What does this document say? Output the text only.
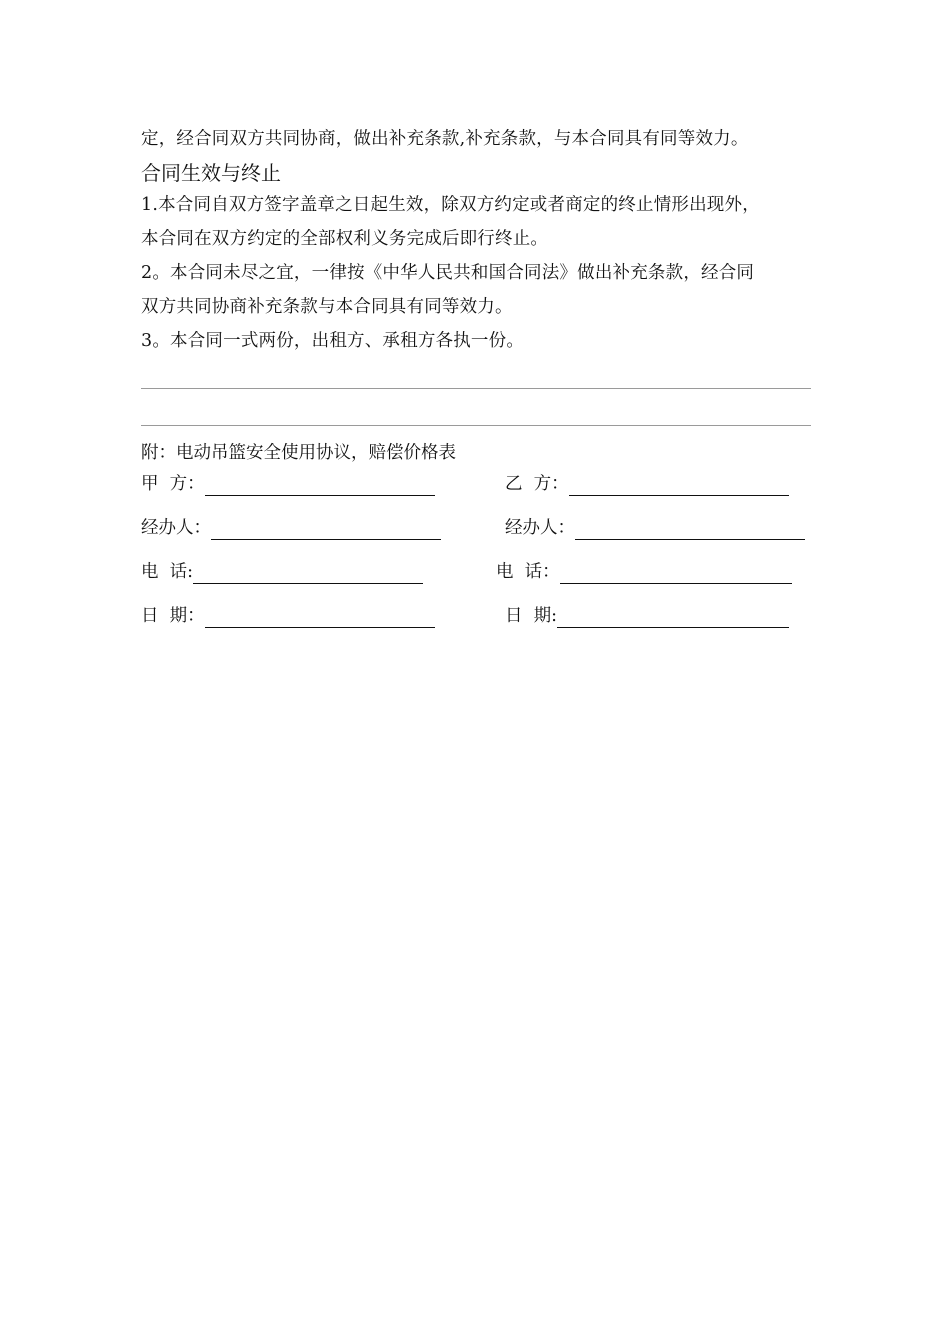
定，经合同双方共同协商，做出补充条款,补充条款，与本合同具有同等效力。

合同生效与终止

1.本合同自双方签字盖章之日起生效，除双方约定或者商定的终止情形出现外，

本合同在双方约定的全部权利义务完成后即行终止。

2。本合同未尽之宜，一律按《中华人民共和国合同法》做出补充条款，经合同

双方共同协商补充条款与本合同具有同等效力。

3。本合同一式两份，出租方、承租方各执一份。

附：电动吊篮安全使用协议，赔偿价格表

甲  方：	乙  方：
经办人：	经办人：
电  话:	电  话：
日  期：	日  期:
